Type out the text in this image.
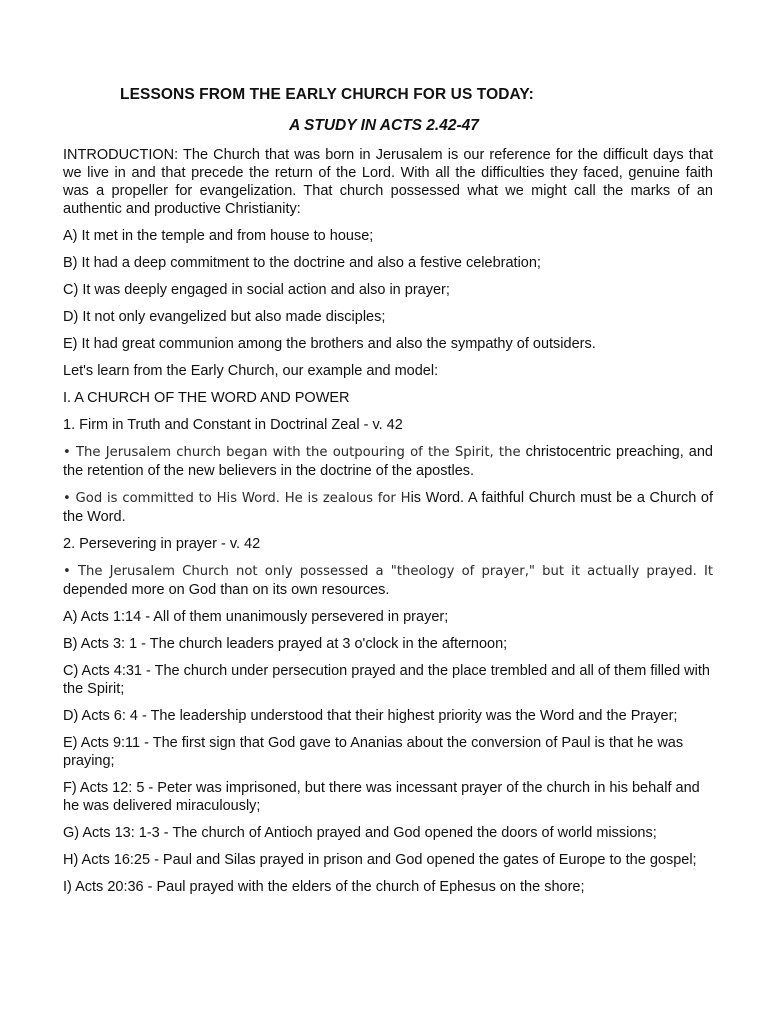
LESSONS FROM THE EARLY CHURCH FOR US TODAY:
A STUDY IN ACTS 2.42-47

INTRODUCTION: The Church that was born in Jerusalem is our reference for the difficult days that we live in and that precede the return of the Lord. With all the difficulties they faced, genuine faith was a propeller for evangelization. That church possessed what we might call the marks of an authentic and productive Christianity:

A) It met in the temple and from house to house;

B) It had a deep commitment to the doctrine and also a festive celebration;

C) It was deeply engaged in social action and also in prayer;

D) It not only evangelized but also made disciples;

E) It had great communion among the brothers and also the sympathy of outsiders.

Let's learn from the Early Church, our example and model:

I. A CHURCH OF THE WORD AND POWER

1. Firm in Truth and Constant in Doctrinal Zeal - v. 42

• The Jerusalem church began with the outpouring of the Spirit, the christocentric preaching, and the retention of the new believers in the doctrine of the apostles.

• God is committed to His Word. He is zealous for His Word. A faithful Church must be a Church of the Word.

2. Persevering in prayer - v. 42

• The Jerusalem Church not only possessed a "theology of prayer," but it actually prayed. It depended more on God than on its own resources.

A) Acts 1:14 - All of them unanimously persevered in prayer;

B) Acts 3: 1 - The church leaders prayed at 3 o'clock in the afternoon;

C) Acts 4:31 - The church under persecution prayed and the place trembled and all of them filled with the Spirit;

D) Acts 6: 4 - The leadership understood that their highest priority was the Word and the Prayer;

E) Acts 9:11 - The first sign that God gave to Ananias about the conversion of Paul is that he was praying;

F) Acts 12: 5 - Peter was imprisoned, but there was incessant prayer of the church in his behalf and he was delivered miraculously;

G) Acts 13: 1-3 - The church of Antioch prayed and God opened the doors of world missions;

H) Acts 16:25 - Paul and Silas prayed in prison and God opened the gates of Europe to the gospel;

I) Acts 20:36 - Paul prayed with the elders of the church of Ephesus on the shore;
